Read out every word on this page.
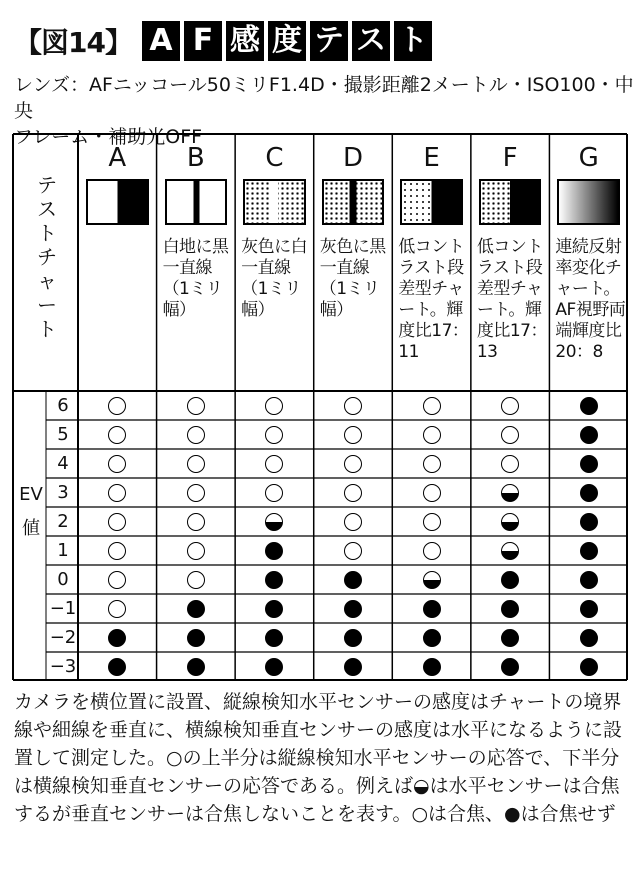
【図14】 A F 感 度 テ ス ト
レンズ：AFニッコール50ミリF1.4D・撮影距離2メートル・ISO100・中央
フレーム・補助光OFF
テストチャート
EV値
A	B
白地に黒一直線（1ミリ幅）
C
灰色に白一直線（1ミリ幅）
D
灰色に黒一直線（1ミリ幅）
E
低コントラスト段差型チャート。輝度比17：11
F
低コントラスト段差型チャート。輝度比17：13
G
連続反射率変化チャート。AF視野両端輝度比20：8
6
5
4
3
2
1
0
−1
−2
−3
カメラを横位置に設置、縦線検知水平センサーの感度はチャートの境界線や細線を垂直に、横線検知垂直センサーの感度は水平になるように設置して測定した。○の上半分は縦線検知水平センサーの応答で、下半分は横線検知垂直センサーの応答である。例えば◒は水平センサーは合焦するが垂直センサーは合焦しないことを表す。○は合焦、●は合焦せず
